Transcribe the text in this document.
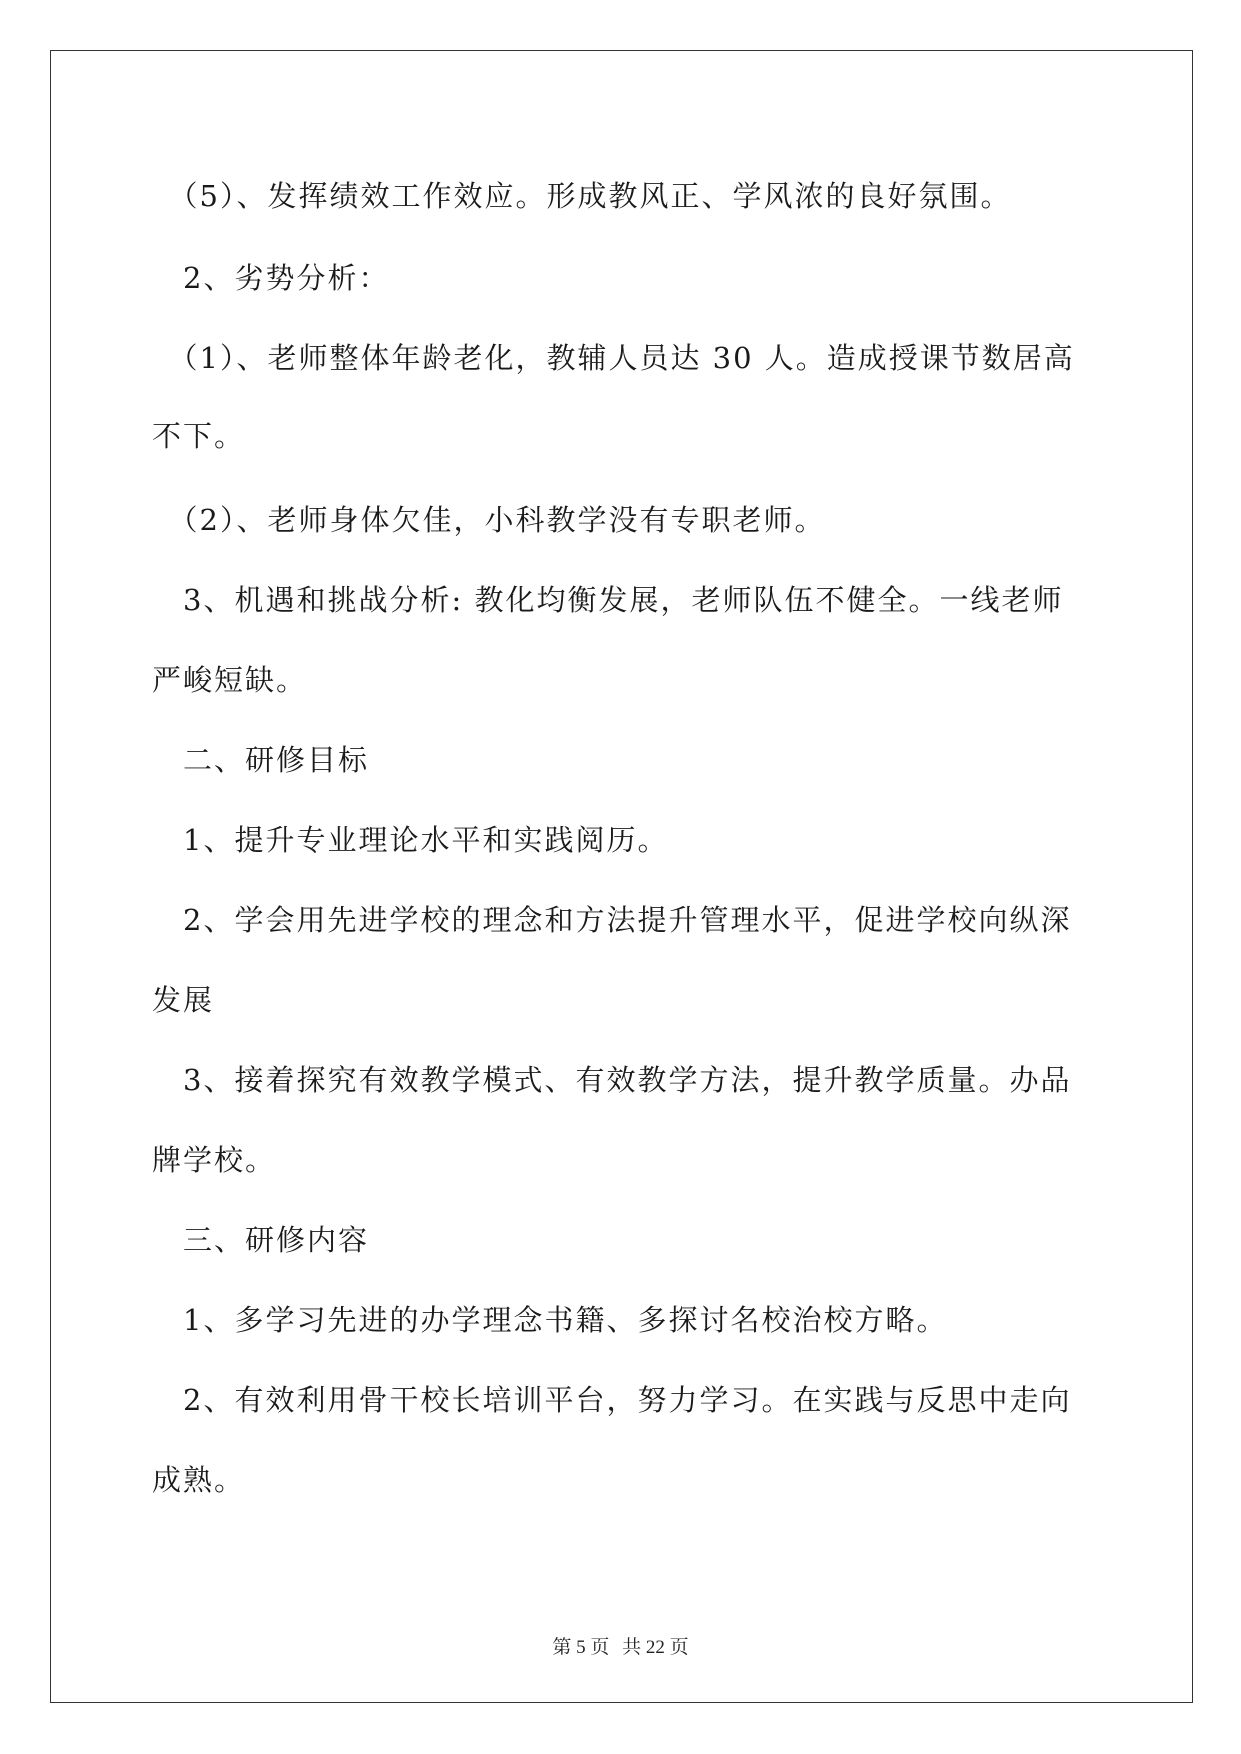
　（5）、发挥绩效工作效应。形成教风正、学风浓的良好氛围。

　2、劣势分析：

　（1）、老师整体年龄老化，教辅人员达 30 人。造成授课节数居高

不下。

　（2）、老师身体欠佳，小科教学没有专职老师。

　3、机遇和挑战分析: 教化均衡发展，老师队伍不健全。一线老师

严峻短缺。

　二、研修目标

　1、提升专业理论水平和实践阅历。

　2、学会用先进学校的理念和方法提升管理水平，促进学校向纵深

发展

　3、接着探究有效教学模式、有效教学方法，提升教学质量。办品

牌学校。

　三、研修内容

　1、多学习先进的办学理念书籍、多探讨名校治校方略。

　2、有效利用骨干校长培训平台，努力学习。在实践与反思中走向

成熟。

第 5 页 共 22 页
